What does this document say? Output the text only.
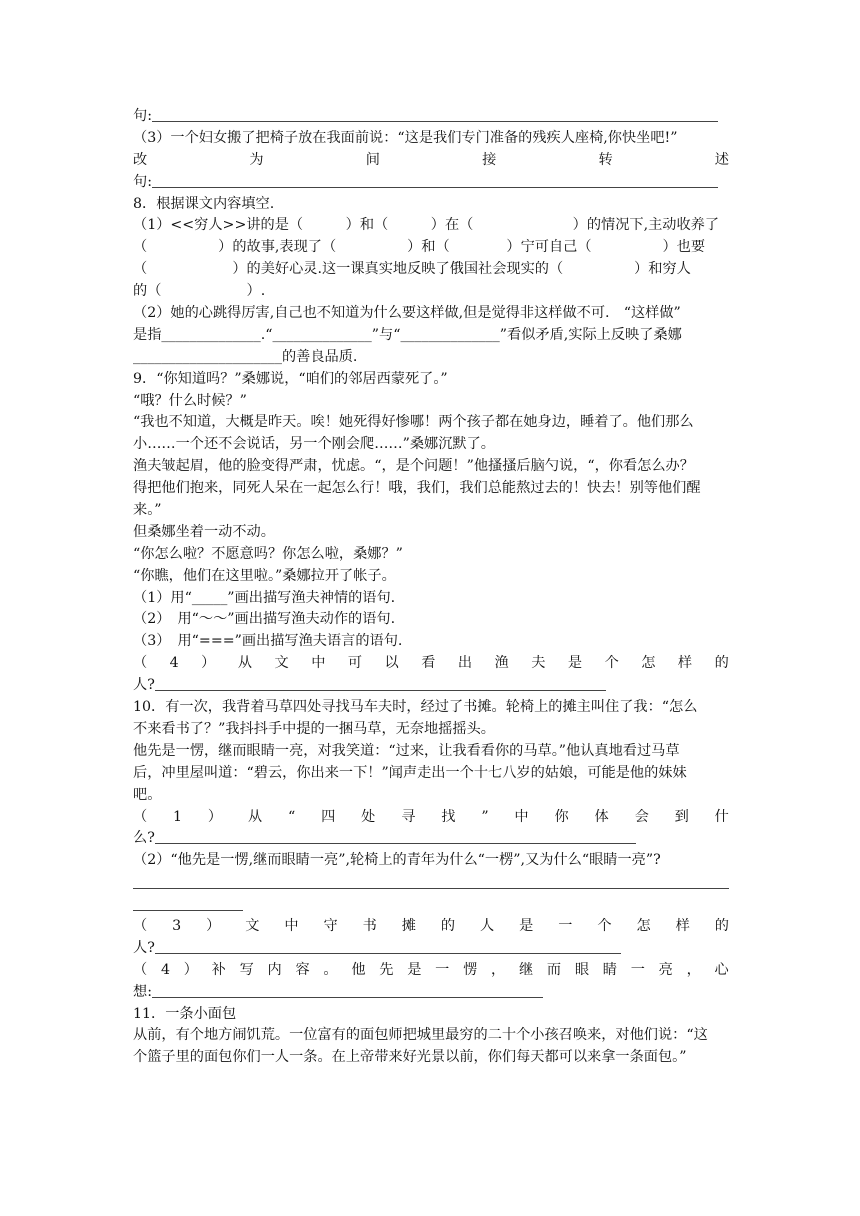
句:
（3）一个妇女搬了把椅子放在我面前说：“这是我们专门准备的残疾人座椅,你快坐吧!”
改	为	间	接	转	述
句:
8．根据课文内容填空.
（1）<<穷人>>讲的是（　　　）和（　　　）在（　　　　　　　）的情况下,主动收养了
（　　　　　）的故事,表现了（　　　　　）和（　　　　）宁可自己（　　　　　）也要
（　　　　　　）的美好心灵.这一课真实地反映了俄国社会现实的（　　　　　）和穷人
的（　　　　　　）.
（2）她的心跳得厉害,自己也不知道为什么要这样做,但是觉得非这样做不可.　“这样做”
是指______________.“______________”与“______________”看似矛盾,实际上反映了桑娜
_____________________的善良品质.
9．“你知道吗？”桑娜说，“咱们的邻居西蒙死了。”
“哦？什么时候？”
“我也不知道，大概是昨天。唉！她死得好惨哪！两个孩子都在她身边，睡着了。他们那么
小……一个还不会说话，另一个刚会爬……”桑娜沉默了。
渔夫皱起眉，他的脸变得严肃，忧虑。“，是个问题！”他搔搔后脑勺说，“，你看怎么办？
得把他们抱来，同死人呆在一起怎么行！哦，我们，我们总能熬过去的！快去！别等他们醒
来。”
但桑娜坐着一动不动。
“你怎么啦？不愿意吗？你怎么啦，桑娜？”
“你瞧，他们在这里啦。”桑娜拉开了帐子。
（1）用“_____”画出描写渔夫神情的语句.
（2）　用“～～”画出描写渔夫动作的语句.
（3）　用“===”画出描写渔夫语言的语句.
（ 4 ） 从 文 中 可 以 看 出 渔 夫 是 个 怎 样 的
人?
10．有一次，我背着马草四处寻找马车夫时，经过了书摊。轮椅上的摊主叫住了我：“怎么
不来看书了？”我抖抖手中提的一捆马草，无奈地摇摇头。
他先是一愣，继而眼睛一亮，对我笑道：“过来，让我看看你的马草。”他认真地看过马草
后，冲里屋叫道：“碧云，你出来一下！”闻声走出一个十七八岁的姑娘，可能是他的妹妹
吧。
（ 1 ） 从 “ 四 处 寻 找 ” 中 你 体 会 到 什
么?
（2）“他先是一愣,继而眼睛一亮”,轮椅上的青年为什么“一楞”,又为什么“眼睛一亮”?
（ 3 ） 文 中 守 书 摊 的 人 是 一 个 怎 样 的
人?
（ 4 ） 补 写 内 容 。 他 先 是 一 愣 ， 继 而 眼 睛 一 亮 ， 心
想:
11．一条小面包
从前，有个地方闹饥荒。一位富有的面包师把城里最穷的二十个小孩召唤来，对他们说：“这
个篮子里的面包你们一人一条。在上帝带来好光景以前，你们每天都可以来拿一条面包。”
